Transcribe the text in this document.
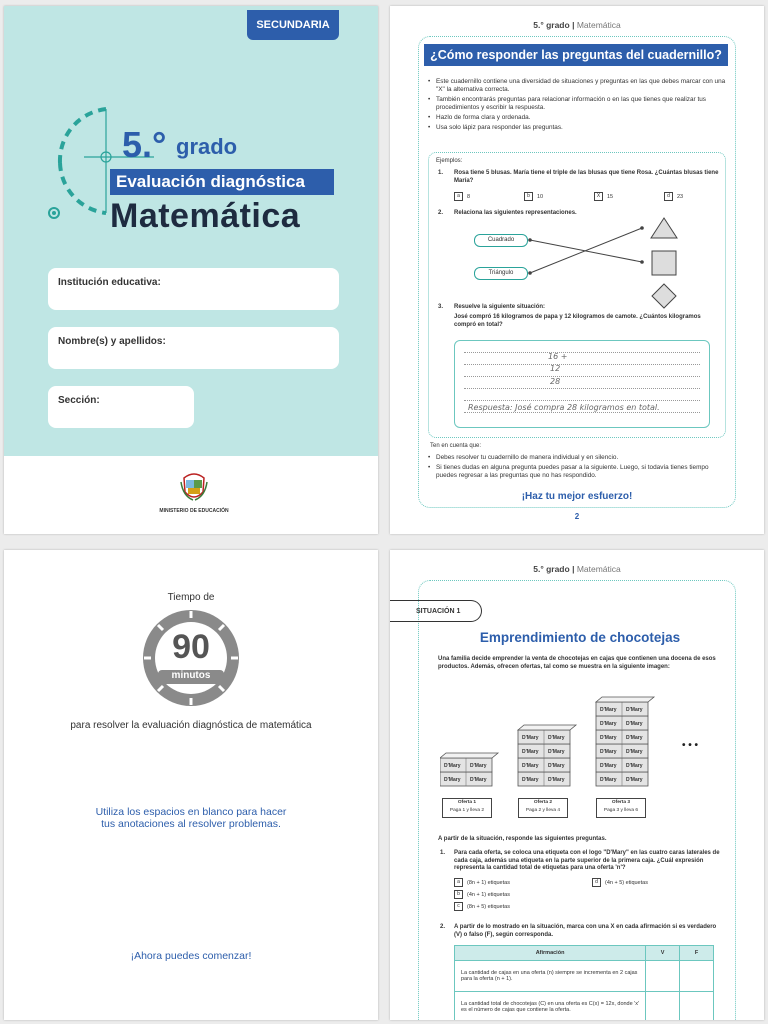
SECUNDARIA
5.° grado
Evaluación diagnóstica
Matemática
Institución educativa:
Nombre(s) y apellidos:
Sección:
MINISTERIO DE EDUCACIÓN
5.° grado | Matemática
¿Cómo responder las preguntas del cuadernillo?
• Este cuadernillo contiene una diversidad de situaciones y preguntas en las que debes marcar con una "X" la alternativa correcta.
• También encontrarás preguntas para relacionar información o en las que tienes que realizar tus procedimientos y escribir la respuesta.
• Hazlo de forma clara y ordenada.
• Usa solo lápiz para responder las preguntas.
Ejemplos:
1. Rosa tiene 5 blusas. María tiene el triple de las blusas que tiene Rosa. ¿Cuántas blusas tiene María?
a 8	b 10	X 15	d 23
2. Relaciona las siguientes representaciones.
Cuadrado
Triángulo
3. Resuelve la siguiente situación:
José compró 16 kilogramos de papa y 12 kilogramos de camote. ¿Cuántos kilogramos compró en total?
16 +
12
28
Respuesta: José compra 28 kilogramos en total.
Ten en cuenta que:
• Debes resolver tu cuadernillo de manera individual y en silencio.
• Si tienes dudas en alguna pregunta puedes pasar a la siguiente. Luego, si todavía tienes tiempo puedes regresar a las preguntas que no has respondido.
¡Haz tu mejor esfuerzo!
2
Tiempo de
90
minutos
para resolver la evaluación diagnóstica de matemática
Utiliza los espacios en blanco para hacer
tus anotaciones al resolver problemas.
¡Ahora puedes comenzar!
5.° grado | Matemática
SITUACIÓN 1
Emprendimiento de chocotejas
Una familia decide emprender la venta de chocotejas en cajas que contienen una docena de esos productos. Además, ofrecen ofertas, tal como se muestra en la siguiente imagen:
D'Mary D'Mary
D'Mary D'Mary
D'Mary D'Mary
D'Mary D'Mary
D'Mary D'Mary
D'Mary D'Mary
D'Mary D'Mary
D'Mary D'Mary
D'Mary D'Mary
D'Mary D'Mary
D'Mary D'Mary
D'Mary D'Mary
• • •
Oferta 1
Paga 1 y lleva 2
Oferta 2
Paga 2 y lleva 4
Oferta 3
Paga 3 y lleva 6
A partir de la situación, responde las siguientes preguntas.
1. Para cada oferta, se coloca una etiqueta con el logo "D'Mary" en las cuatro caras laterales de cada caja, además una etiqueta en la parte superior de la primera caja. ¿Cuál expresión representa la cantidad total de etiquetas para una oferta 'n'?
a (8n + 1) etiquetas
b (4n + 1) etiquetas
c (8n + 5) etiquetas
d (4n + 5) etiquetas
2. A partir de lo mostrado en la situación, marca con una X en cada afirmación si es verdadero (V) o falso (F), según corresponda.
Afirmación	V	F
La cantidad de cajas en una oferta (n) siempre se incrementa en 2 cajas para la oferta (n + 1).		
La cantidad total de chocotejas (C) en una oferta es C(x) = 12x, donde 'x' es el número de cajas que contiene la oferta.		
